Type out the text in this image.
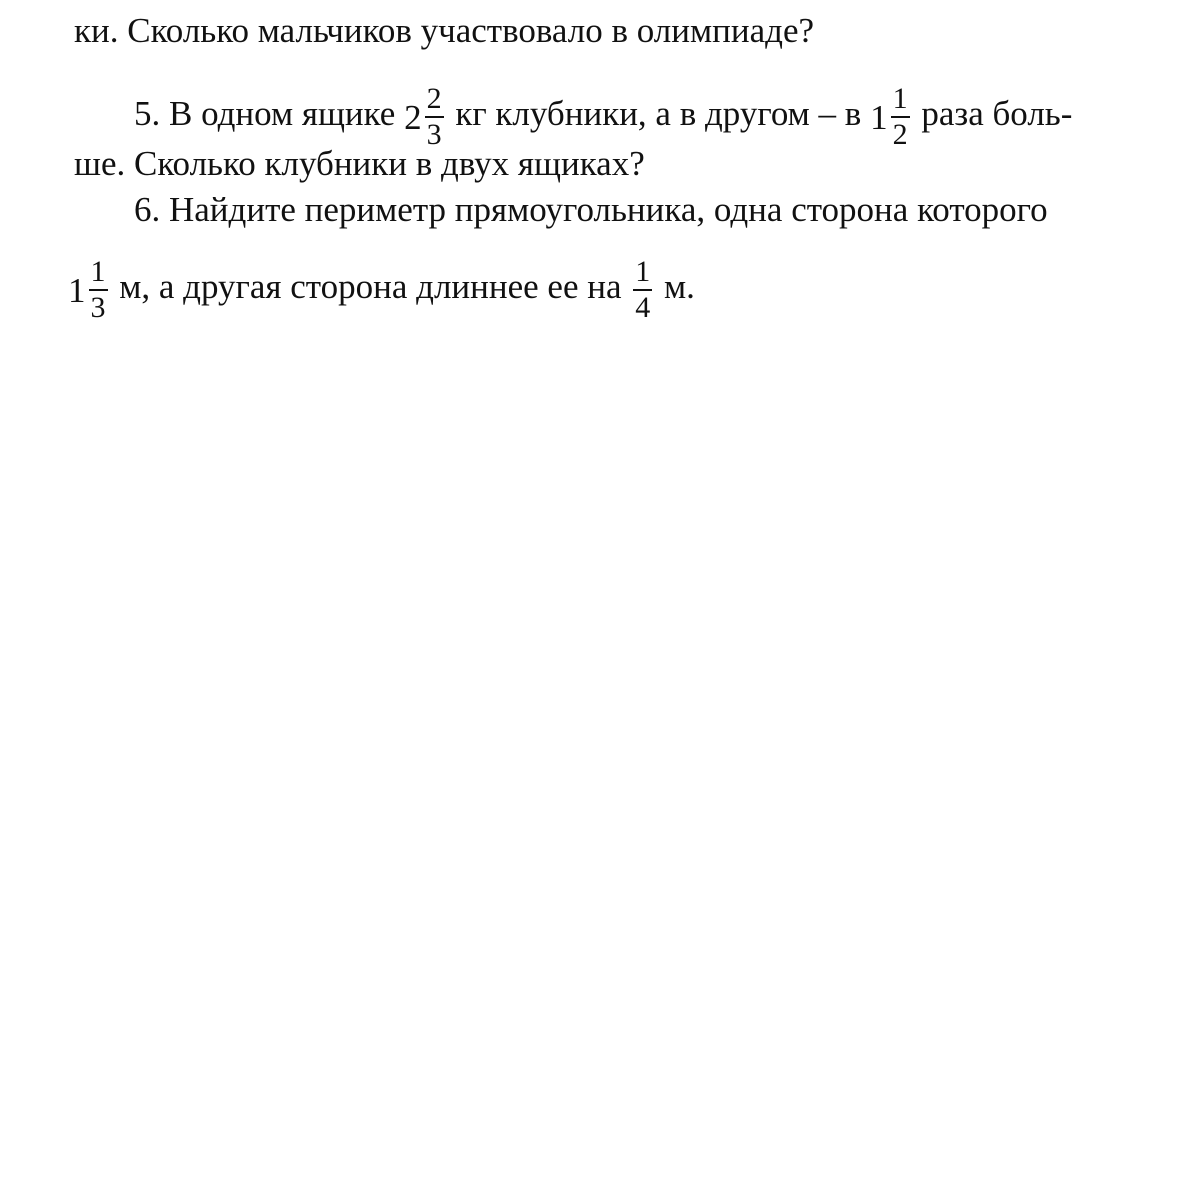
ки. Сколько мальчиков участвовало в олимпиаде?
5. В одном ящике $2 \frac{2}{3}$ кг клубники, а в другом – в $1 \frac{1}{2}$ раза боль-
ше. Сколько клубники в двух ящиках?
6. Найдите периметр прямоугольника, одна сторона которого
$1 \frac{1}{3} м$, а другая сторона длиннее ее на $\frac{1}{4} м$.
